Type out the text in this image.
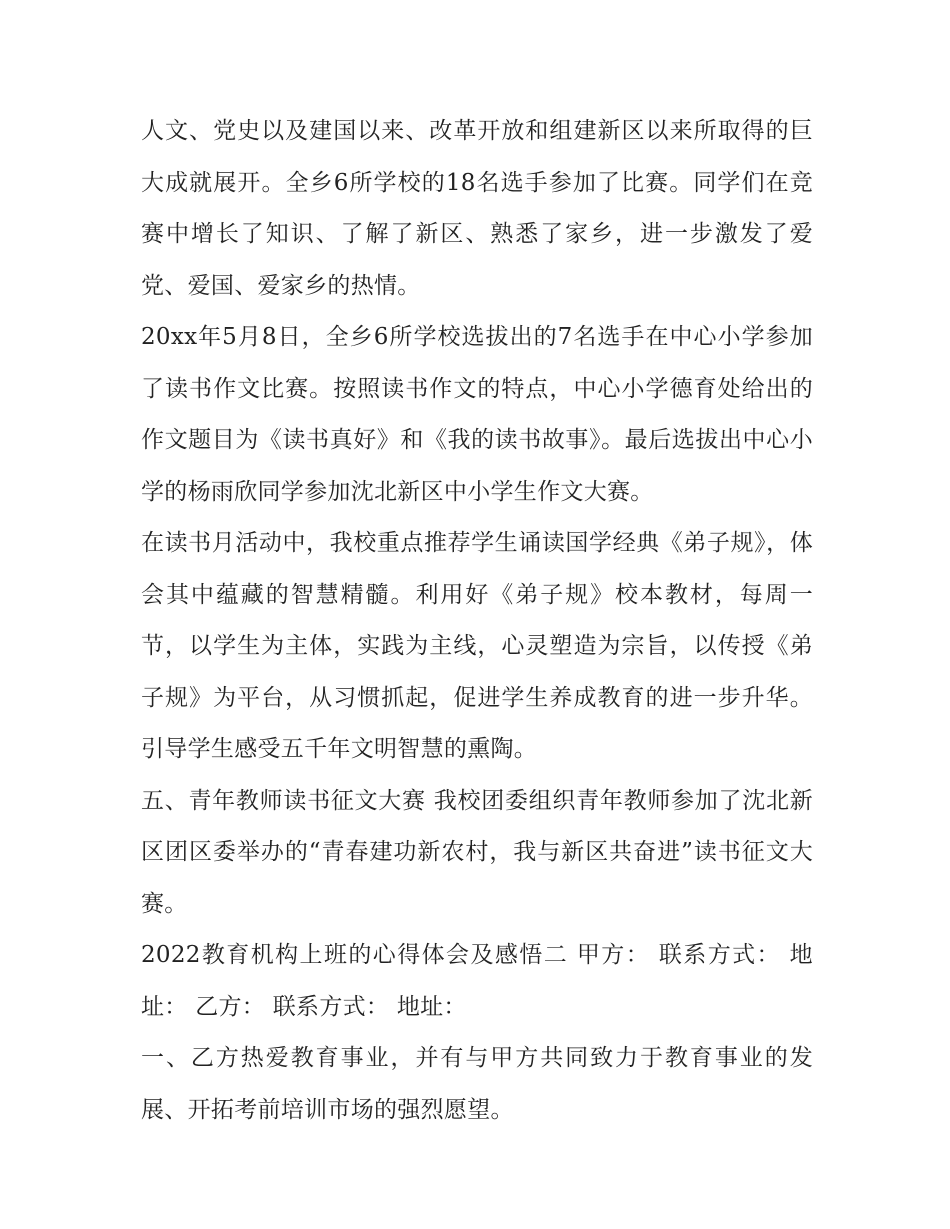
人文、党史以及建国以来、改革开放和组建新区以来所取得的巨大成就展开。全乡6所学校的18名选手参加了比赛。同学们在竞赛中增长了知识、了解了新区、熟悉了家乡，进一步激发了爱党、爱国、爱家乡的热情。

20xx年5月8日，全乡6所学校选拔出的7名选手在中心小学参加了读书作文比赛。按照读书作文的特点，中心小学德育处给出的作文题目为《读书真好》和《我的读书故事》。最后选拔出中心小学的杨雨欣同学参加沈北新区中小学生作文大赛。

在读书月活动中，我校重点推荐学生诵读国学经典《弟子规》，体会其中蕴藏的智慧精髓。利用好《弟子规》校本教材，每周一节，以学生为主体，实践为主线，心灵塑造为宗旨，以传授《弟子规》为平台，从习惯抓起，促进学生养成教育的进一步升华。引导学生感受五千年文明智慧的熏陶。

五、青年教师读书征文大赛 我校团委组织青年教师参加了沈北新区团区委举办的“青春建功新农村，我与新区共奋进”读书征文大赛。

2022教育机构上班的心得体会及感悟二 甲方： 联系方式： 地址： 乙方： 联系方式： 地址：

一、乙方热爱教育事业，并有与甲方共同致力于教育事业的发展、开拓考前培训市场的强烈愿望。
